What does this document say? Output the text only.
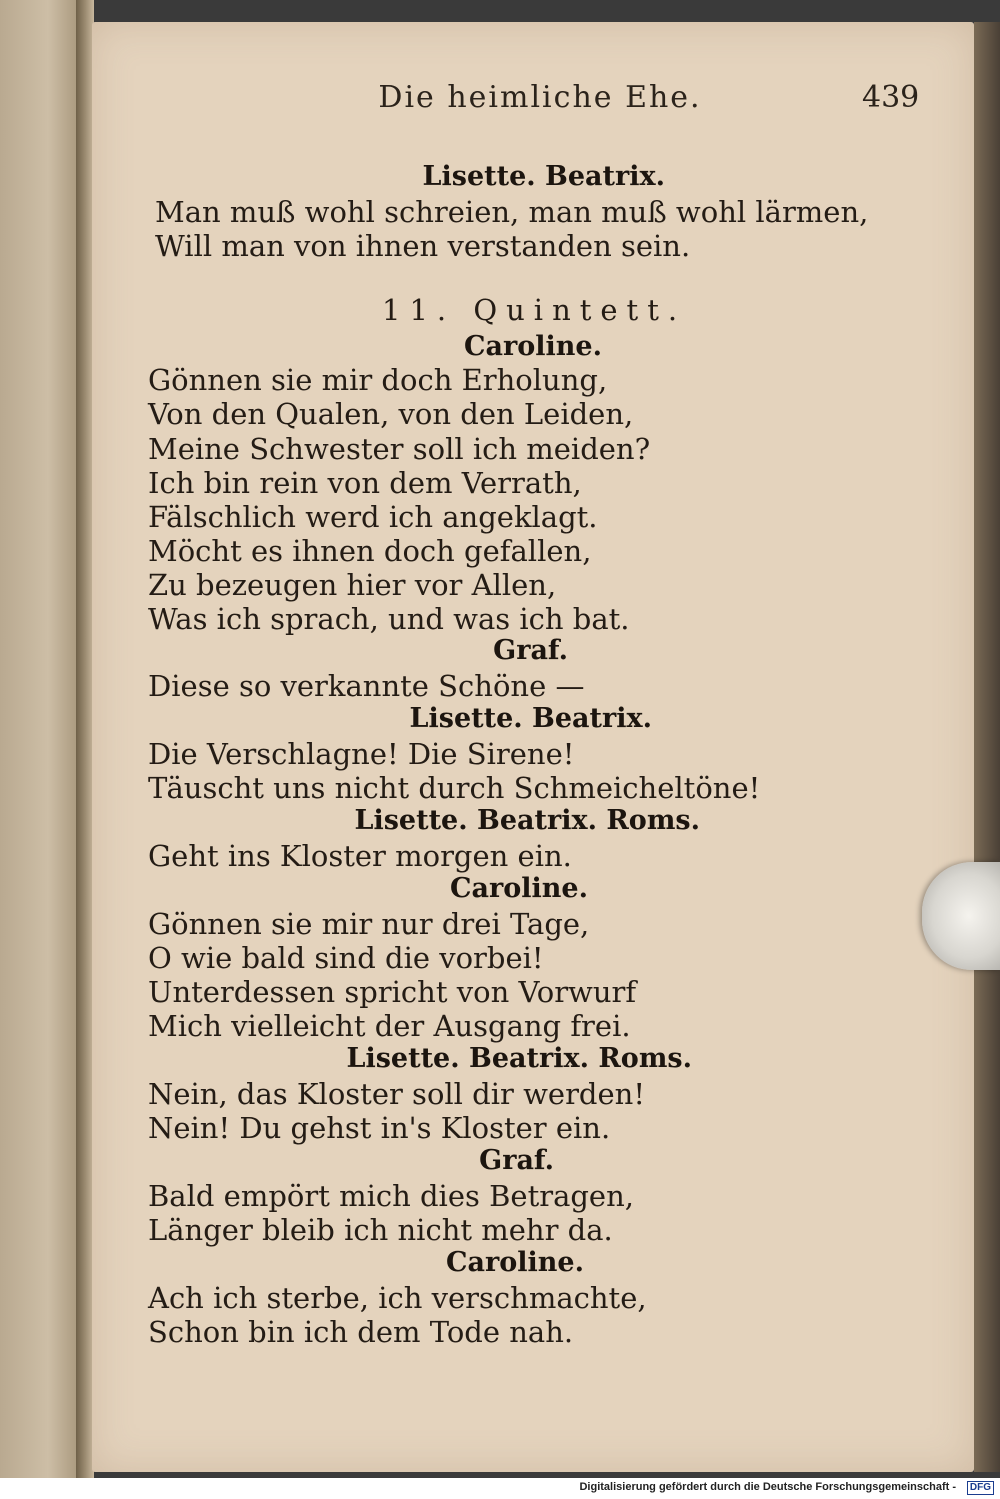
Die heimliche Ehe.	439
Lisette. Beatrix.
Man muß wohl schreien, man muß wohl lärmen,
Will man von ihnen verstanden sein.
11. Quintett.
Caroline.
Gönnen sie mir doch Erholung,
Von den Qualen, von den Leiden,
Meine Schwester soll ich meiden?
Ich bin rein von dem Verrath,
Fälschlich werd ich angeklagt.
Möcht es ihnen doch gefallen,
Zu bezeugen hier vor Allen,
Was ich sprach, und was ich bat.
Graf.
Diese so verkannte Schöne —
Lisette. Beatrix.
Die Verschlagne! Die Sirene!
Täuscht uns nicht durch Schmeicheltöne!
Lisette. Beatrix. Roms.
Geht ins Kloster morgen ein.
Caroline.
Gönnen sie mir nur drei Tage,
O wie bald sind die vorbei!
Unterdessen spricht von Vorwurf
Mich vielleicht der Ausgang frei.
Lisette. Beatrix. Roms.
Nein, das Kloster soll dir werden!
Nein! Du gehst in's Kloster ein.
Graf.
Bald empört mich dies Betragen,
Länger bleib ich nicht mehr da.
Caroline.
Ach ich sterbe, ich verschmachte,
Schon bin ich dem Tode nah.
Digitalisierung gefördert durch die Deutsche Forschungsgemeinschaft -	DFG
